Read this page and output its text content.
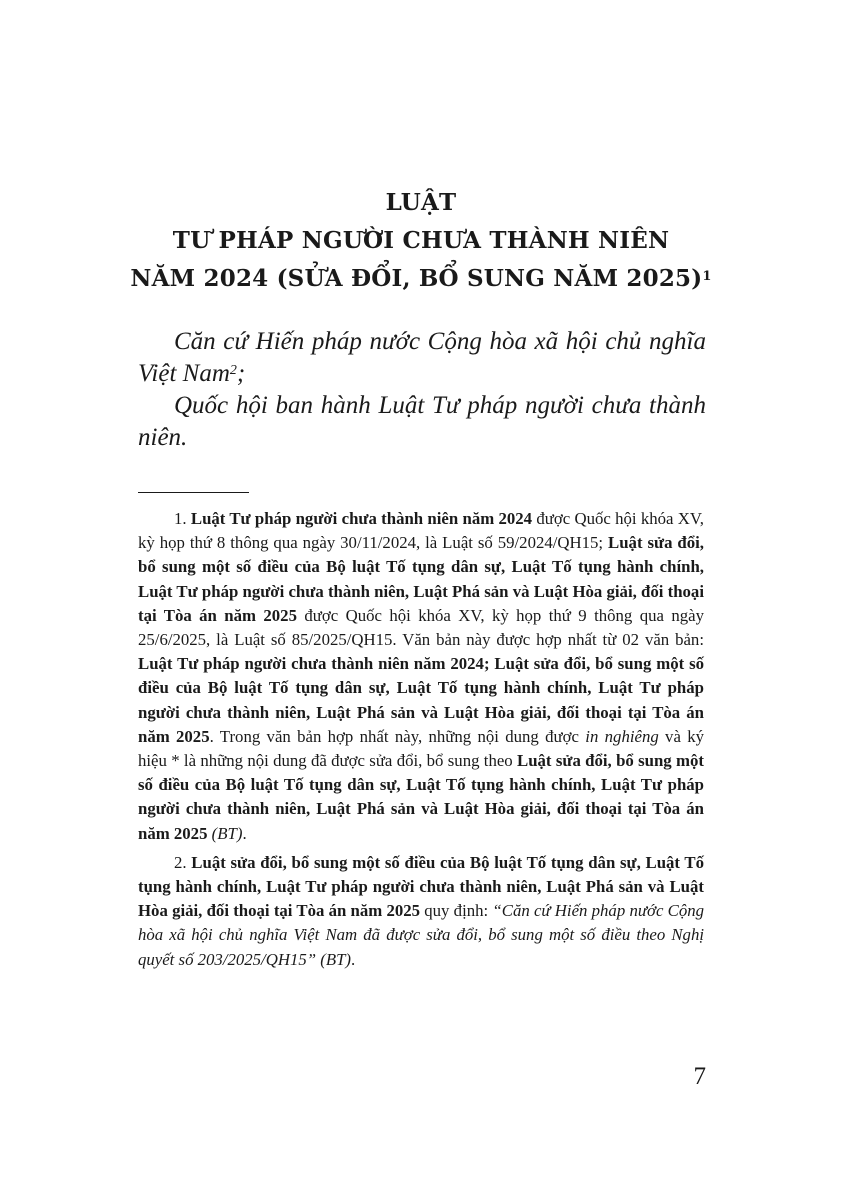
LUẬT
TƯ PHÁP NGƯỜI CHƯA THÀNH NIÊN
NĂM 2024 (SỬA ĐỔI, BỔ SUNG NĂM 2025)$^1$

Căn cứ Hiến pháp nước Cộng hòa xã hội chủ nghĩa Việt Nam$^2$;

Quốc hội ban hành Luật Tư pháp người chưa thành niên.

1. Luật Tư pháp người chưa thành niên năm 2024 được Quốc hội khóa XV, kỳ họp thứ 8 thông qua ngày 30/11/2024, là Luật số 59/2024/QH15; Luật sửa đổi, bổ sung một số điều của Bộ luật Tố tụng dân sự, Luật Tố tụng hành chính, Luật Tư pháp người chưa thành niên, Luật Phá sản và Luật Hòa giải, đối thoại tại Tòa án năm 2025 được Quốc hội khóa XV, kỳ họp thứ 9 thông qua ngày 25/6/2025, là Luật số 85/2025/QH15. Văn bản này được hợp nhất từ 02 văn bản: Luật Tư pháp người chưa thành niên năm 2024; Luật sửa đổi, bổ sung một số điều của Bộ luật Tố tụng dân sự, Luật Tố tụng hành chính, Luật Tư pháp người chưa thành niên, Luật Phá sản và Luật Hòa giải, đối thoại tại Tòa án năm 2025. Trong văn bản hợp nhất này, những nội dung được in nghiêng và ký hiệu * là những nội dung đã được sửa đổi, bổ sung theo Luật sửa đổi, bổ sung một số điều của Bộ luật Tố tụng dân sự, Luật Tố tụng hành chính, Luật Tư pháp người chưa thành niên, Luật Phá sản và Luật Hòa giải, đối thoại tại Tòa án năm 2025 (BT).

2. Luật sửa đổi, bổ sung một số điều của Bộ luật Tố tụng dân sự, Luật Tố tụng hành chính, Luật Tư pháp người chưa thành niên, Luật Phá sản và Luật Hòa giải, đối thoại tại Tòa án năm 2025 quy định: “Căn cứ Hiến pháp nước Cộng hòa xã hội chủ nghĩa Việt Nam đã được sửa đổi, bổ sung một số điều theo Nghị quyết số 203/2025/QH15” (BT).

7
